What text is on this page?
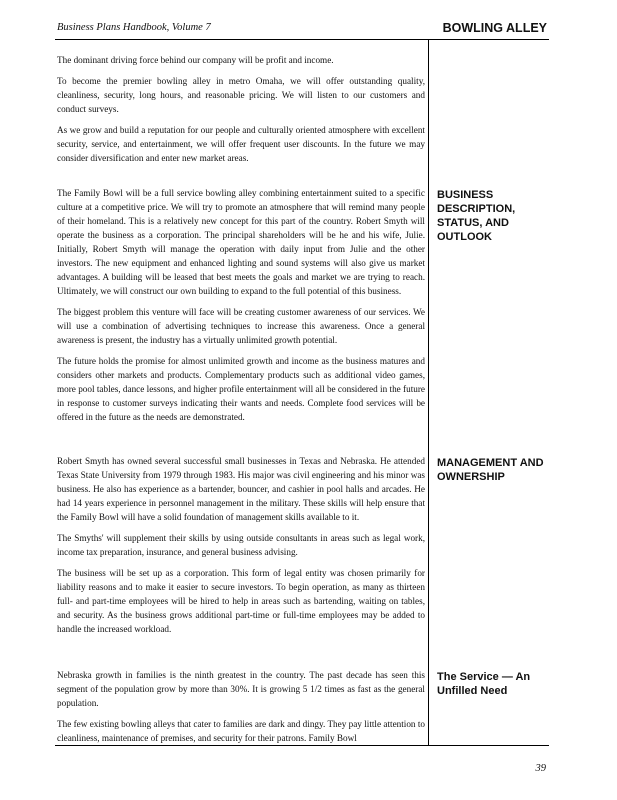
Business Plans Handbook, Volume 7	BOWLING ALLEY

The dominant driving force behind our company will be profit and income.

To become the premier bowling alley in metro Omaha, we will offer outstanding quality, cleanliness, security, long hours, and reasonable pricing. We will listen to our customers and conduct surveys.

As we grow and build a reputation for our people and culturally oriented atmosphere with excellent security, service, and entertainment, we will offer frequent user discounts. In the future we may consider diversification and enter new market areas.

BUSINESS DESCRIPTION, STATUS, AND OUTLOOK

The Family Bowl will be a full service bowling alley combining entertainment suited to a specific culture at a competitive price. We will try to promote an atmosphere that will remind many people of their homeland. This is a relatively new concept for this part of the country. Robert Smyth will operate the business as a corporation. The principal shareholders will be he and his wife, Julie. Initially, Robert Smyth will manage the operation with daily input from Julie and the other investors. The new equipment and enhanced lighting and sound systems will also give us market advantages. A building will be leased that best meets the goals and market we are trying to reach. Ultimately, we will construct our own building to expand to the full potential of this business.

The biggest problem this venture will face will be creating customer awareness of our services. We will use a combination of advertising techniques to increase this awareness. Once a general awareness is present, the industry has a virtually unlimited growth potential.

The future holds the promise for almost unlimited growth and income as the business matures and considers other markets and products. Complementary products such as additional video games, more pool tables, dance lessons, and higher profile entertainment will all be considered in the future in response to customer surveys indicating their wants and needs. Complete food services will be offered in the future as the needs are demonstrated.

MANAGEMENT AND OWNERSHIP

Robert Smyth has owned several successful small businesses in Texas and Nebraska. He attended Texas State University from 1979 through 1983. His major was civil engineering and his minor was business. He also has experience as a bartender, bouncer, and cashier in pool halls and arcades. He had 14 years experience in personnel management in the military. These skills will help ensure that the Family Bowl will have a solid foundation of management skills available to it.

The Smyths' will supplement their skills by using outside consultants in areas such as legal work, income tax preparation, insurance, and general business advising.

The business will be set up as a corporation. This form of legal entity was chosen primarily for liability reasons and to make it easier to secure investors. To begin operation, as many as thirteen full- and part-time employees will be hired to help in areas such as bartending, waiting on tables, and security. As the business grows additional part-time or full-time employees may be added to handle the increased workload.

The Service — An Unfilled Need

Nebraska growth in families is the ninth greatest in the country. The past decade has seen this segment of the population grow by more than 30%. It is growing 5 1/2 times as fast as the general population.

The few existing bowling alleys that cater to families are dark and dingy. They pay little attention to cleanliness, maintenance of premises, and security for their patrons. Family Bowl

39
